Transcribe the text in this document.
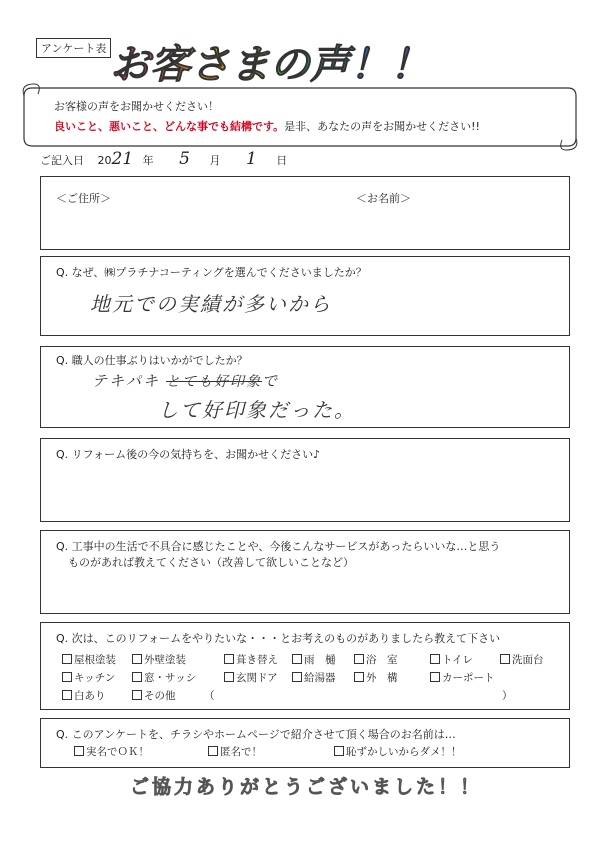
アンケート表 お客さまの声！！
お客様の声をお聞かせください！
良いこと、悪いこと、どんな事でも結構です。是非、あなたの声をお聞かせください!!
ご記入日 2021 年 5 月 1 日
＜ご住所＞	＜お名前＞
Q. なぜ、㈱プラチナコーティングを選んでくださいましたか？
地元での実績が多いから
Q. 職人の仕事ぶりはいかがでしたか？
テキパキ とても好印象で
して好印象だった。
Q. リフォーム後の今の気持ちを、お聞かせください♪
Q. 工事中の生活で不具合に感じたことや、今後こんなサービスがあったらいいな…と思う
ものがあれば教えてください（改善して欲しいことなど）
Q. 次は、このリフォームをやりたいな・・・とお考えのものがありましたら教えて下さい
屋根塗装	外壁塗装	葺き替え	雨　樋	浴　室	トイレ	洗面台
キッチン	窓・サッシ	玄関ドア	給湯器	外　構	カーポート
白あり	その他	（	）
Q. このアンケートを、チラシやホームページで紹介させて頂く場合のお名前は…
実名でＯＫ！	匿名で！	恥ずかしいからダメ！！
ご協力ありがとうございました！！
